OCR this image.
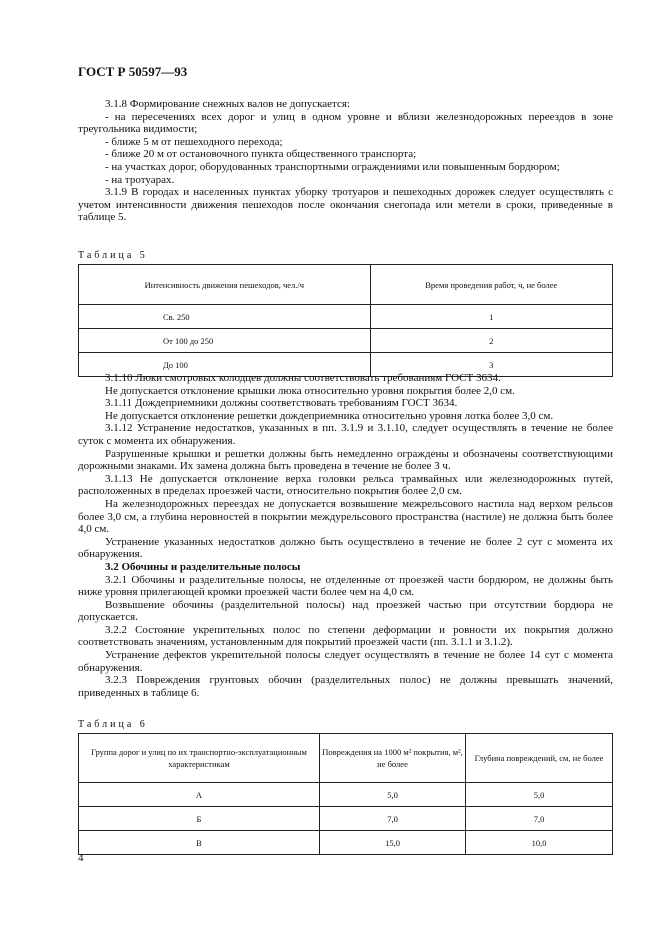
ГОСТ Р 50597—93

3.1.8 Формирование снежных валов не допускается:

- на пересечениях всех дорог и улиц в одном уровне и вблизи железнодорожных переездов в зоне треугольника видимости;

- ближе 5 м от пешеходного перехода;

- ближе 20 м от остановочного пункта общественного транспорта;

- на участках дорог, оборудованных транспортными ограждениями или повышенным бордюром;

- на тротуарах.

3.1.9 В городах и населенных пунктах уборку тротуаров и пешеходных дорожек следует осуществлять с учетом интенсивности движения пешеходов после окончания снегопада или метели в сроки, приведенные в таблице 5.

Таблица 5
Интенсивность движения пешеходов, чел./ч	Время проведения работ, ч, не более
Св. 250	1
От 100 до 250	2
До 100	3

3.1.10 Люки смотровых колодцев должны соответствовать требованиям ГОСТ 3634.

Не допускается отклонение крышки люка относительно уровня покрытия более 2,0 см.

3.1.11 Дождеприемники должны соответствовать требованиям ГОСТ 3634.

Не допускается отклонение решетки дождеприемника относительно уровня лотка более 3,0 см.

3.1.12 Устранение недостатков, указанных в пп. 3.1.9 и 3.1.10, следует осуществлять в течение не более суток с момента их обнаружения.

Разрушенные крышки и решетки должны быть немедленно ограждены и обозначены соответствующими дорожными знаками. Их замена должна быть проведена в течение не более 3 ч.

3.1.13 Не допускается отклонение верха головки рельса трамвайных или железнодорожных путей, расположенных в пределах проезжей части, относительно покрытия более 2,0 см.

На железнодорожных переездах не допускается возвышение межрельсового настила над верхом рельсов более 3,0 см, а глубина неровностей в покрытии междурельсового пространства (настиле) не должна быть более 4,0 см.

Устранение указанных недостатков должно быть осуществлено в течение не более 2 сут с момента их обнаружения.

3.2 Обочины и разделительные полосы

3.2.1 Обочины и разделительные полосы, не отделенные от проезжей части бордюром, не должны быть ниже уровня прилегающей кромки проезжей части более чем на 4,0 см.

Возвышение обочины (разделительной полосы) над проезжей частью при отсутствии бордюра не допускается.

3.2.2 Состояние укрепительных полос по степени деформации и ровности их покрытия должно соответствовать значениям, установленным для покрытий проезжей части (пп. 3.1.1 и 3.1.2).

Устранение дефектов укрепительной полосы следует осуществлять в течение не более 14 сут с момента обнаружения.

3.2.3 Повреждения грунтовых обочин (разделительных полос) не должны превышать значений, приведенных в таблице 6.

Таблица 6
Группа дорог и улиц по их транспортно-эксплуатационным характеристикам	Повреждения на 1000 м² покрытия, м², не более	Глубина повреждений, см, не более
А	5,0	5,0
Б	7,0	7,0
В	15,0	10,0
4
